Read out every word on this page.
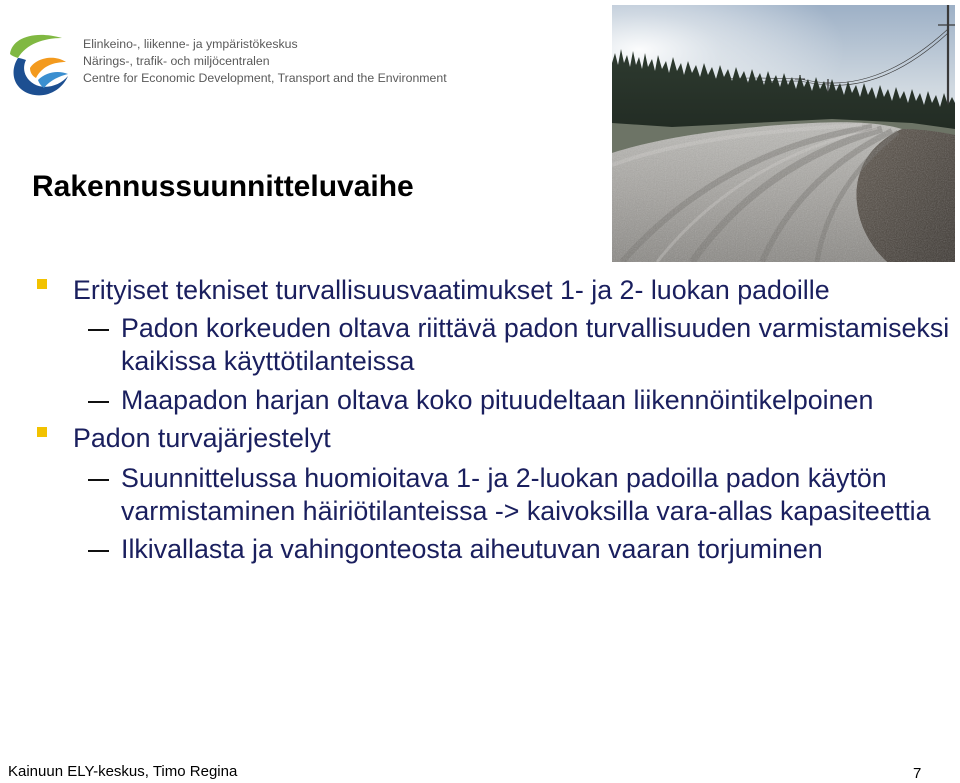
Elinkeino-, liikenne- ja ympäristökeskus
Närings-, trafik- och miljöcentralen
Centre for Economic Development, Transport and the Environment
Rakennussuunnitteluvaihe
Erityiset tekniset turvallisuusvaatimukset 1- ja 2- luokan padoille
Padon korkeuden oltava riittävä padon turvallisuuden varmistamiseksi
kaikissa käyttötilanteissa
Maapadon harjan oltava koko pituudeltaan liikennöintikelpoinen
Padon turvajärjestelyt
Suunnittelussa huomioitava 1- ja 2-luokan padoilla padon käytön
varmistaminen häiriötilanteissa -> kaivoksilla vara-allas kapasiteettia
Ilkivallasta ja vahingonteosta aiheutuvan vaaran torjuminen
Kainuun ELY-keskus, Timo Regina	7
